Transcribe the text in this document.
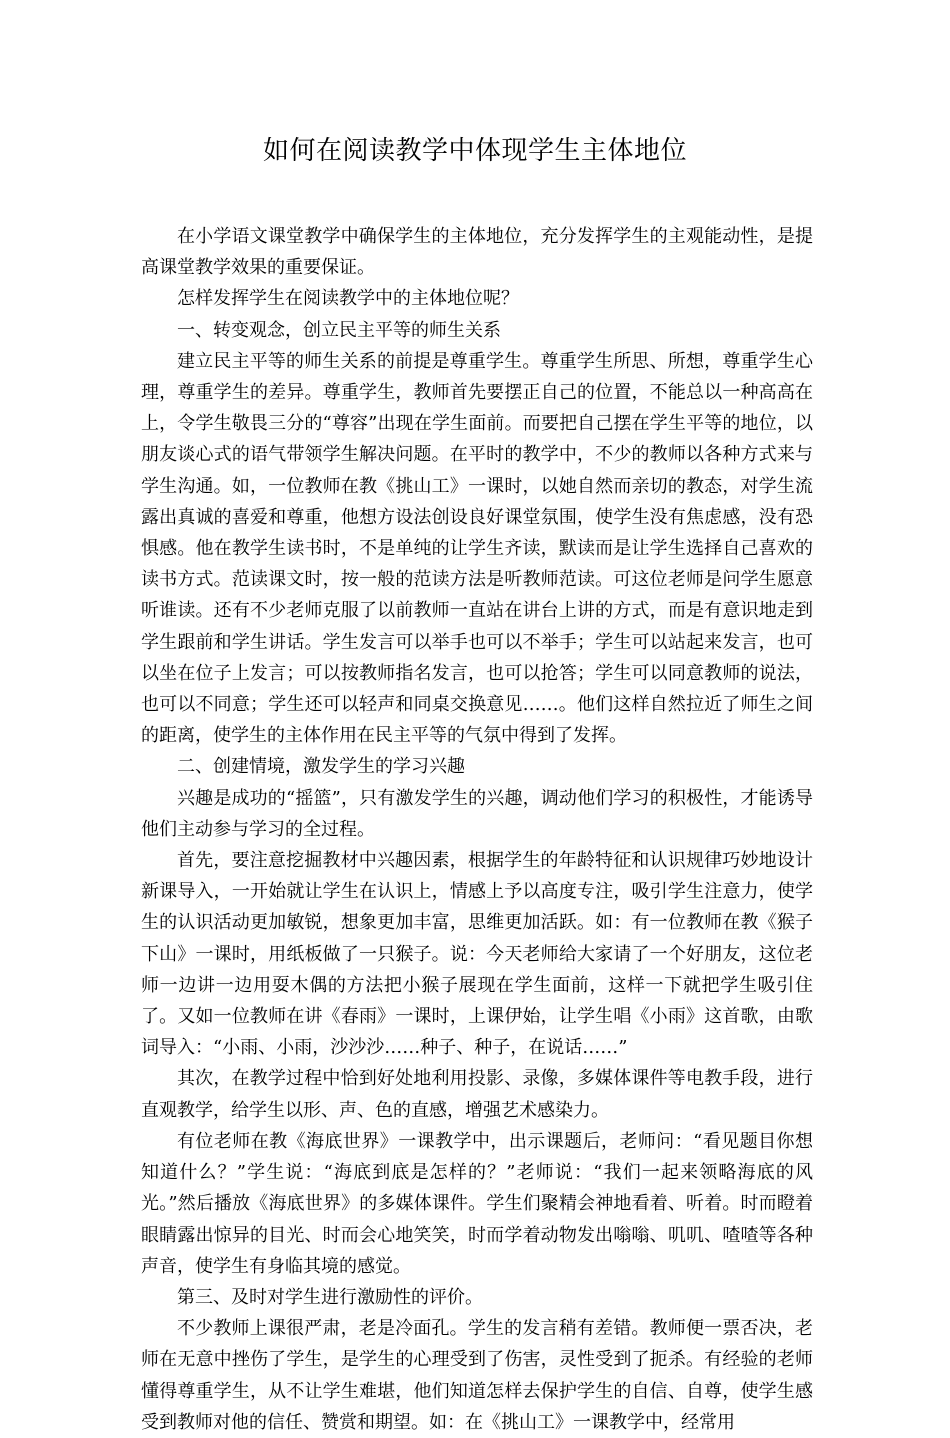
如何在阅读教学中体现学生主体地位

在小学语文课堂教学中确保学生的主体地位，充分发挥学生的主观能动性，是提高课堂教学效果的重要保证。

怎样发挥学生在阅读教学中的主体地位呢？

一、转变观念，创立民主平等的师生关系

建立民主平等的师生关系的前提是尊重学生。尊重学生所思、所想，尊重学生心理，尊重学生的差异。尊重学生，教师首先要摆正自己的位置，不能总以一种高高在上，令学生敬畏三分的“尊容”出现在学生面前。而要把自己摆在学生平等的地位，以朋友谈心式的语气带领学生解决问题。在平时的教学中，不少的教师以各种方式来与学生沟通。如，一位教师在教《挑山工》一课时，以她自然而亲切的教态，对学生流露出真诚的喜爱和尊重，他想方设法创设良好课堂氛围，使学生没有焦虑感，没有恐惧感。他在教学生读书时，不是单纯的让学生齐读，默读而是让学生选择自己喜欢的读书方式。范读课文时，按一般的范读方法是听教师范读。可这位老师是问学生愿意听谁读。还有不少老师克服了以前教师一直站在讲台上讲的方式，而是有意识地走到学生跟前和学生讲话。学生发言可以举手也可以不举手；学生可以站起来发言，也可以坐在位子上发言；可以按教师指名发言，也可以抢答；学生可以同意教师的说法，也可以不同意；学生还可以轻声和同桌交换意见……。他们这样自然拉近了师生之间的距离，使学生的主体作用在民主平等的气氛中得到了发挥。

二、创建情境，激发学生的学习兴趣

兴趣是成功的“摇篮”，只有激发学生的兴趣，调动他们学习的积极性，才能诱导他们主动参与学习的全过程。

首先，要注意挖掘教材中兴趣因素，根据学生的年龄特征和认识规律巧妙地设计新课导入，一开始就让学生在认识上，情感上予以高度专注，吸引学生注意力，使学生的认识活动更加敏锐，想象更加丰富，思维更加活跃。如：有一位教师在教《猴子下山》一课时，用纸板做了一只猴子。说：今天老师给大家请了一个好朋友，这位老师一边讲一边用耍木偶的方法把小猴子展现在学生面前，这样一下就把学生吸引住了。又如一位教师在讲《春雨》一课时，上课伊始，让学生唱《小雨》这首歌，由歌词导入：“小雨、小雨，沙沙沙……种子、种子，在说话……”

其次，在教学过程中恰到好处地利用投影、录像，多媒体课件等电教手段，进行直观教学，给学生以形、声、色的直感，增强艺术感染力。

有位老师在教《海底世界》一课教学中，出示课题后，老师问：“看见题目你想知道什么？”学生说：“海底到底是怎样的？”老师说：“我们一起来领略海底的风光。”然后播放《海底世界》的多媒体课件。学生们聚精会神地看着、听着。时而瞪着眼睛露出惊异的目光、时而会心地笑笑，时而学着动物发出嗡嗡、叽叽、喳喳等各种声音，使学生有身临其境的感觉。

第三、及时对学生进行激励性的评价。

不少教师上课很严肃，老是冷面孔。学生的发言稍有差错。教师便一票否决，老师在无意中挫伤了学生，是学生的心理受到了伤害，灵性受到了扼杀。有经验的老师懂得尊重学生，从不让学生难堪，他们知道怎样去保护学生的自信、自尊，使学生感受到教师对他的信任、赞赏和期望。如：在《挑山工》一课教学中，经常用
